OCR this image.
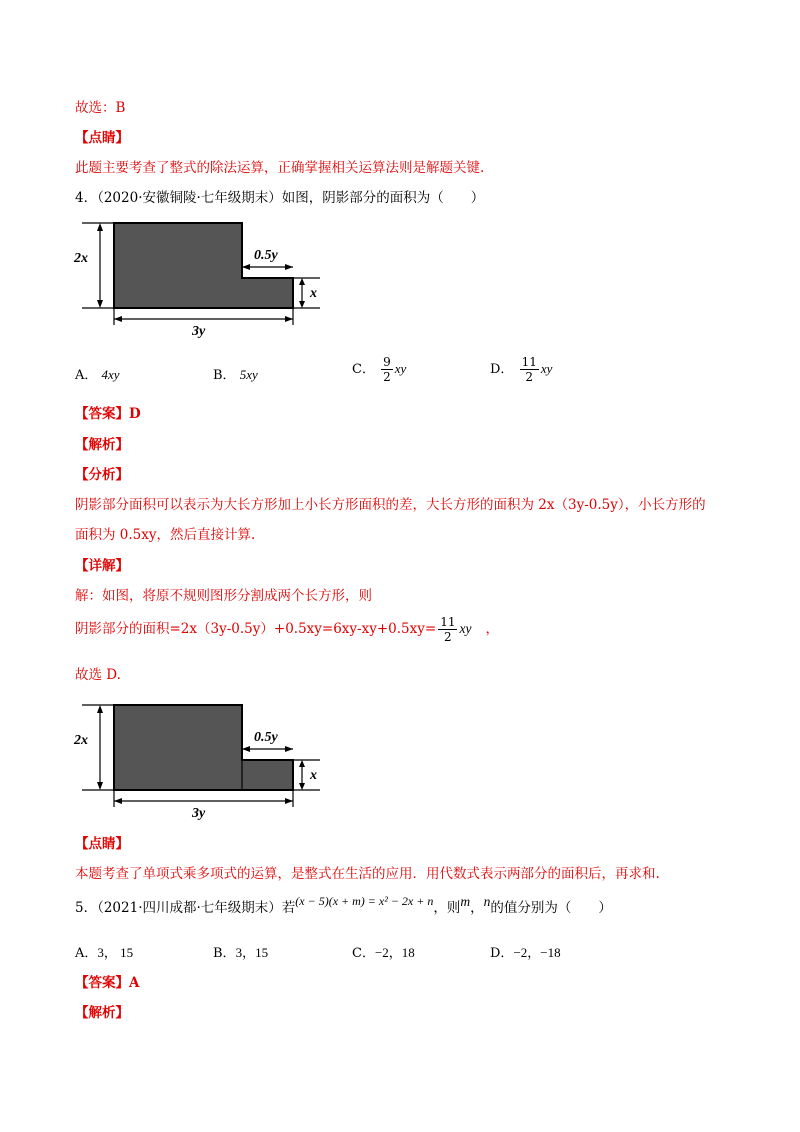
故选：B
【点睛】
此题主要考查了整式的除法运算，正确掌握相关运算法则是解题关键.
4．（2020·安徽铜陵·七年级期末）如图，阴影部分的面积为（　　）
2x	0.5y
x
3y
A． 4xy	B． 5xy	C． $\frac{9}{2}$ xy	D． $\frac{11}{2}$ xy
【答案】D
【解析】
【分析】
阴影部分面积可以表示为大长方形加上小长方形面积的差，大长方形的面积为 2x（3y-0.5y），小长方形的
面积为 0.5xy，然后直接计算.
【详解】
解：如图，将原不规则图形分割成两个长方形，则
阴影部分的面积$=2x(3y-0.5y)+0.5xy=6xy-xy+0.5xy= \frac{11}{2}$ xy ，
故选 D.
2x	0.5y
x
3y
【点睛】
本题考查了单项式乘多项式的运算，是整式在生活的应用．用代数式表示两部分的面积后，再求和.
5．（2021·四川成都·七年级期末）若(x − 5)(x + m) = x² − 2x + n，则m，n的值分别为（　　）
A．3， 15	B．3，15	C．−2，18	D．−2，−18
【答案】A
【解析】
